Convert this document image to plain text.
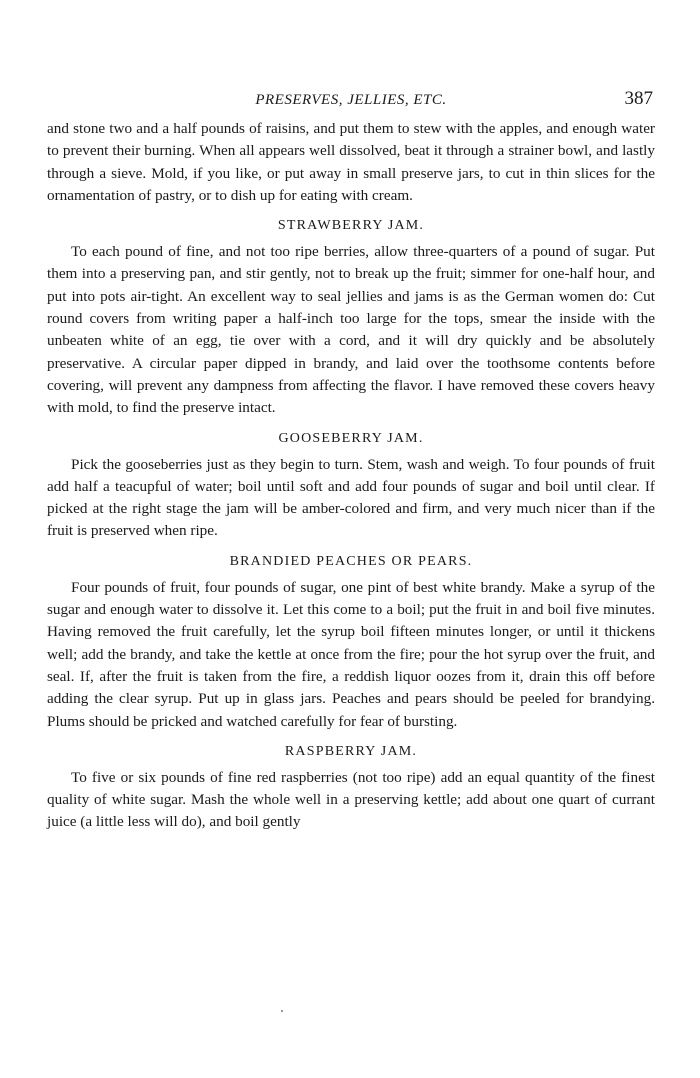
PRESERVES, JELLIES, ETC.	387

and stone two and a half pounds of raisins, and put them to stew with the apples, and enough water to prevent their burning. When all appears well dissolved, beat it through a strainer bowl, and lastly through a sieve. Mold, if you like, or put away in small preserve jars, to cut in thin slices for the ornamentation of pastry, or to dish up for eating with cream.

STRAWBERRY JAM.

To each pound of fine, and not too ripe berries, allow three-quarters of a pound of sugar. Put them into a preserving pan, and stir gently, not to break up the fruit; simmer for one-half hour, and put into pots air-tight. An excellent way to seal jellies and jams is as the German women do: Cut round covers from writing paper a half-inch too large for the tops, smear the inside with the unbeaten white of an egg, tie over with a cord, and it will dry quickly and be absolutely preservative. A circular paper dipped in brandy, and laid over the toothsome contents before covering, will prevent any dampness from affecting the flavor. I have removed these covers heavy with mold, to find the preserve intact.

GOOSEBERRY JAM.

Pick the gooseberries just as they begin to turn. Stem, wash and weigh. To four pounds of fruit add half a teacupful of water; boil until soft and add four pounds of sugar and boil until clear. If picked at the right stage the jam will be amber-colored and firm, and very much nicer than if the fruit is preserved when ripe.

BRANDIED PEACHES OR PEARS.

Four pounds of fruit, four pounds of sugar, one pint of best white brandy. Make a syrup of the sugar and enough water to dissolve it. Let this come to a boil; put the fruit in and boil five minutes. Having removed the fruit carefully, let the syrup boil fifteen minutes longer, or until it thickens well; add the brandy, and take the kettle at once from the fire; pour the hot syrup over the fruit, and seal. If, after the fruit is taken from the fire, a reddish liquor oozes from it, drain this off before adding the clear syrup. Put up in glass jars. Peaches and pears should be peeled for brandying. Plums should be pricked and watched carefully for fear of bursting.

RASPBERRY JAM.

To five or six pounds of fine red raspberries (not too ripe) add an equal quantity of the finest quality of white sugar. Mash the whole well in a preserving kettle; add about one quart of currant juice (a little less will do), and boil gently
